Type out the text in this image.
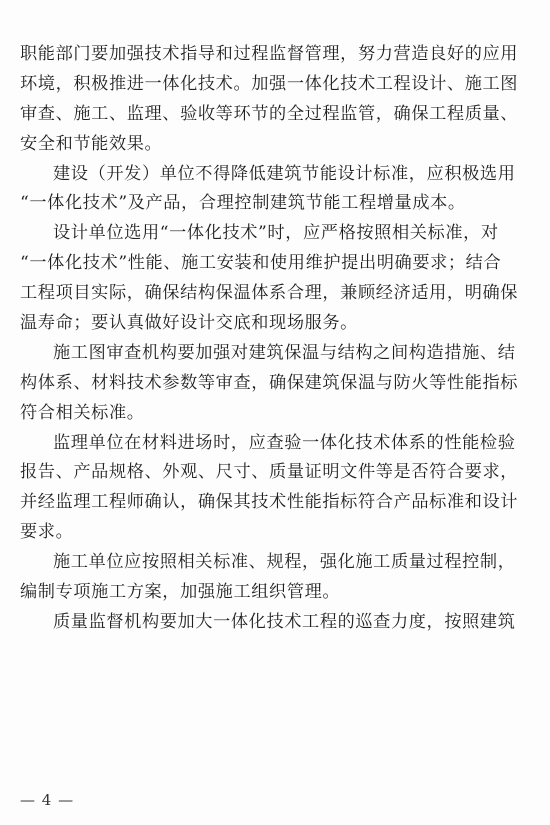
职能部门要加强技术指导和过程监督管理，努力营造良好的应用
环境，积极推进一体化技术。加强一体化技术工程设计、施工图
审查、施工、监理、验收等环节的全过程监管，确保工程质量、
安全和节能效果。
建设（开发）单位不得降低建筑节能设计标准，应积极选用
“一体化技术”及产品，合理控制建筑节能工程增量成本。
设计单位选用“一体化技术”时，应严格按照相关标准，对
“一体化技术”性能、施工安装和使用维护提出明确要求；结合
工程项目实际，确保结构保温体系合理，兼顾经济适用，明确保
温寿命；要认真做好设计交底和现场服务。
施工图审查机构要加强对建筑保温与结构之间构造措施、结
构体系、材料技术参数等审查，确保建筑保温与防火等性能指标
符合相关标准。
监理单位在材料进场时，应查验一体化技术体系的性能检验
报告、产品规格、外观、尺寸、质量证明文件等是否符合要求，
并经监理工程师确认，确保其技术性能指标符合产品标准和设计
要求。
施工单位应按照相关标准、规程，强化施工质量过程控制，
编制专项施工方案，加强施工组织管理。
质量监督机构要加大一体化技术工程的巡查力度，按照建筑
— 4 —
